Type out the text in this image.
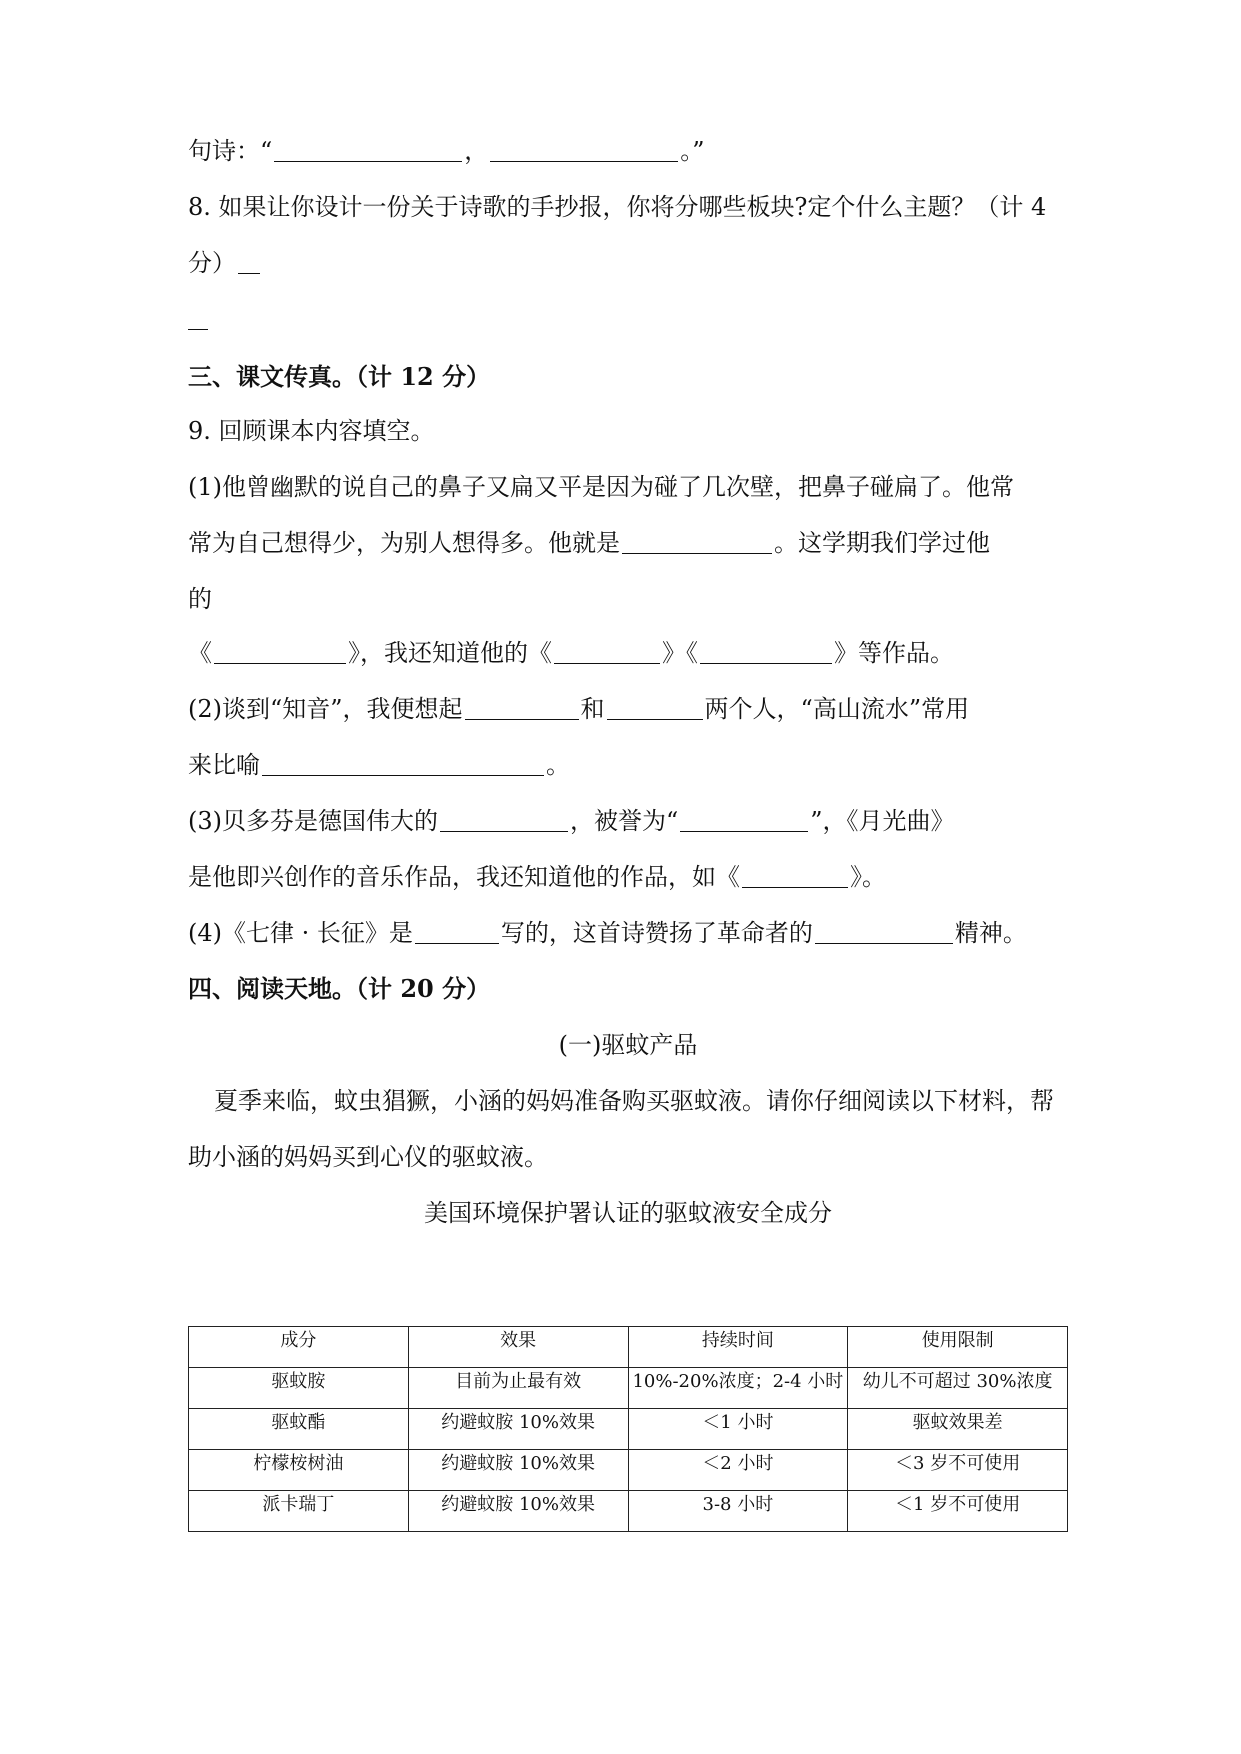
句诗：“	，	。”
8. 如果让你设计一份关于诗歌的手抄报，你将分哪些板块?定个什么主题？（计 4
分）
三、课文传真。（计 12 分）
9. 回顾课本内容填空。
(1)他曾幽默的说自己的鼻子又扁又平是因为碰了几次壁，把鼻子碰扁了。他常
常为自己想得少，为别人想得多。他就是	。这学期我们学过他
的
《	》，我还知道他的《	》《	》等作品。
(2)谈到“知音”，我便想起	和	两个人，“高山流水”常用
来比喻	。
(3)贝多芬是德国伟大的	，被誉为“	”，《月光曲》
是他即兴创作的音乐作品，我还知道他的作品，如《	》。
(4)《七律 · 长征》是	写的，这首诗赞扬了革命者的	精神。
四、阅读天地。（计 20 分）
(一)驱蚊产品
夏季来临，蚊虫猖獗，小涵的妈妈准备购买驱蚊液。请你仔细阅读以下材料，帮
助小涵的妈妈买到心仪的驱蚊液。
美国环境保护署认证的驱蚊液安全成分
成分	效果	持续时间	使用限制
驱蚊胺	目前为止最有效	10%-20%浓度；2-4 小时	幼儿不可超过 30%浓度
驱蚊酯	约避蚊胺 10%效果	＜1 小时	驱蚊效果差
柠檬桉树油	约避蚊胺 10%效果	＜2 小时	＜3 岁不可使用
派卡瑞丁	约避蚊胺 10%效果	3-8 小时	＜1 岁不可使用
